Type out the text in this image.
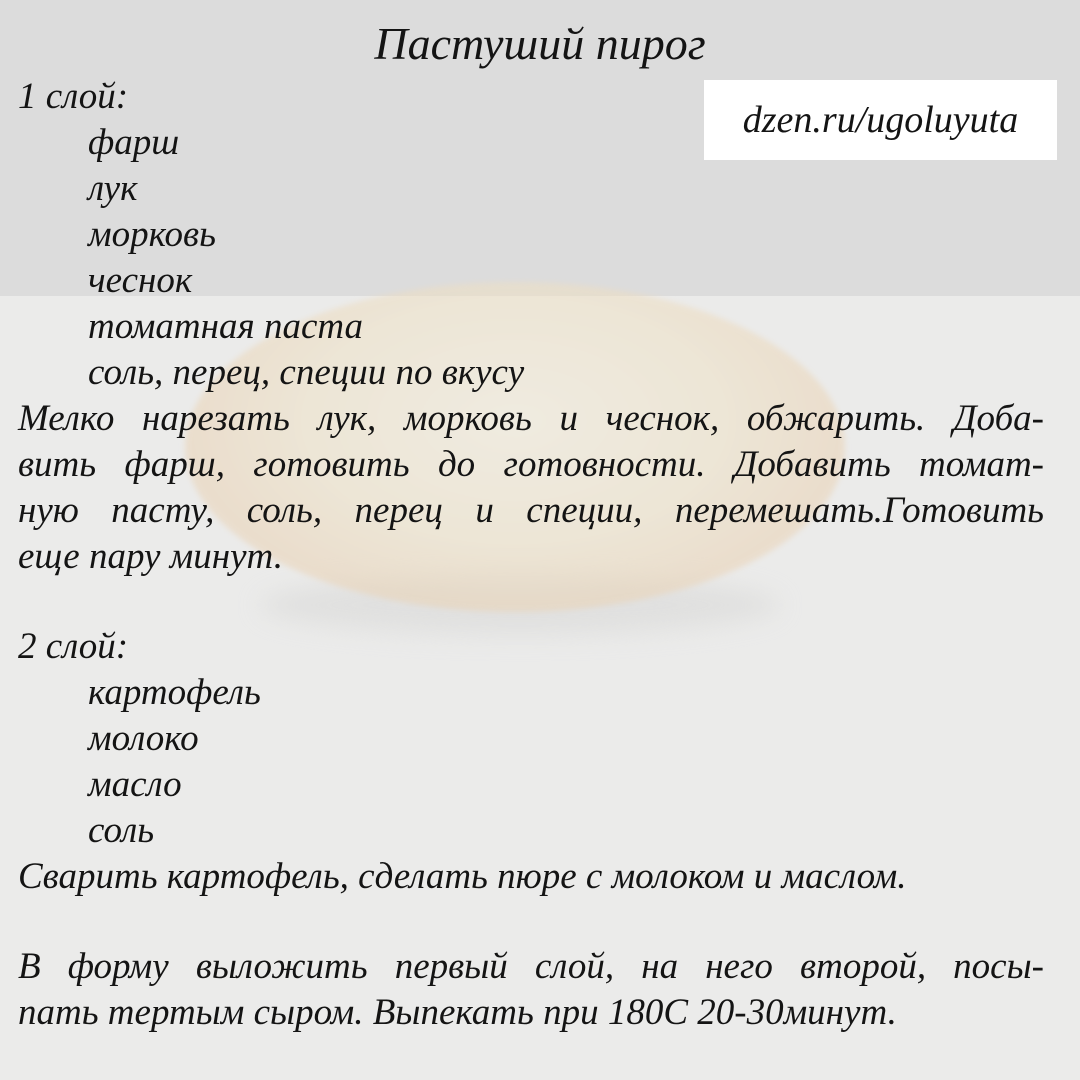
Пастуший пирог
dzen.ru/ugoluyuta
1 слой:
фарш
лук
морковь
чеснок
томатная паста
соль, перец, специи по вкусу
Мелко нарезать лук, морковь и чеснок, обжарить. Доба-
вить фарш, готовить до готовности. Добавить томат-
ную пасту, соль, перец и специи, перемешать.Готовить
еще пару минут.
2 слой:
картофель
молоко
масло
соль
Сварить картофель, сделать пюре с молоком и маслом.
В форму выложить первый слой, на него второй, посы-
пать тертым сыром. Выпекать при 180С 20-30минут.
